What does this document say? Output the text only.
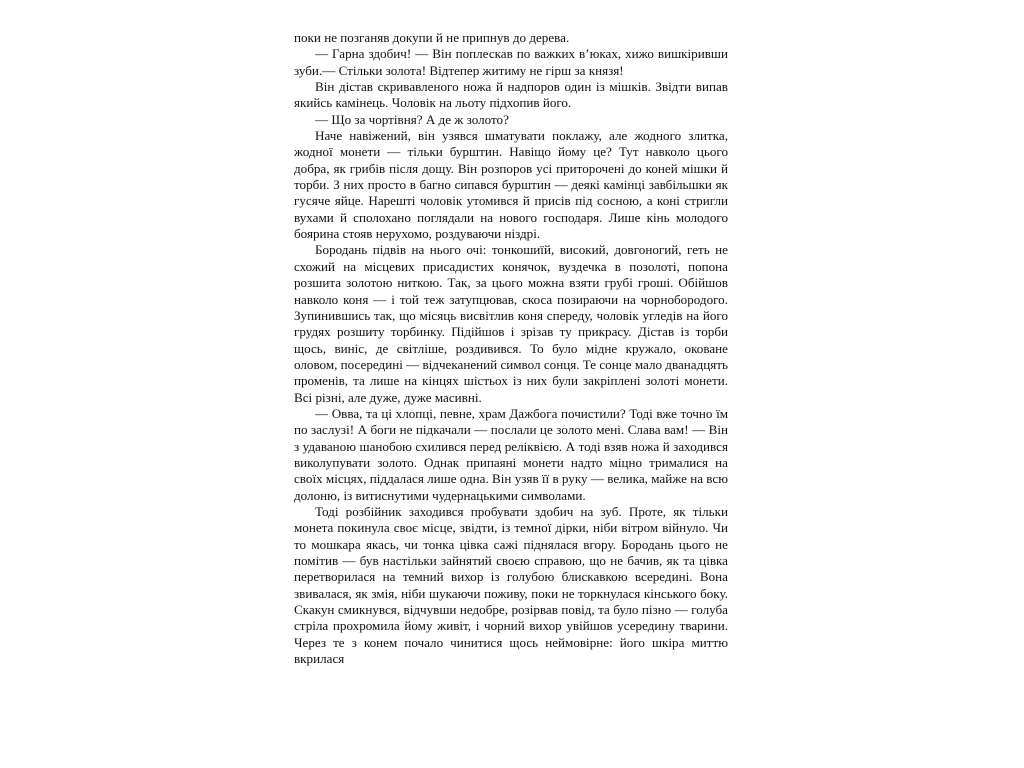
поки не позганяв докупи й не припнув до дерева.

— Гарна здобич! — Він поплескав по важких в’юках, хижо вишкіривши зуби.— Стільки золота! Відтепер житиму не гірш за князя!

Він дістав скривавленого ножа й надпоров один із мішків. Звідти випав якийсь камінець. Чоловік на льоту підхопив його.

— Що за чортівня? А де ж золото?

Наче навіжений, він узявся шматувати поклажу, але жодного злитка, жодної монети — тільки бурштин. Навіщо йому це? Тут навколо цього добра, як грибів після дощу. Він розпоров усі приторочені до коней мішки й торби. З них просто в багно сипався бурштин — деякі камінці завбільшки як гусяче яйце. Нарешті чоловік утомився й присів під сосною, а коні стригли вухами й сполохано поглядали на нового господаря. Лише кінь молодого боярина стояв нерухомо, роздуваючи ніздрі.

Бородань підвів на нього очі: тонкошиїй, високий, довгоногий, геть не схожий на місцевих присадистих конячок, вуздечка в позолоті, попона розшита золотою ниткою. Так, за цього можна взяти грубі гроші. Обійшов навколо коня — і той теж затупцював, скоса позираючи на чорнобородого. Зупинившись так, що місяць висвітлив коня спереду, чоловік угледів на його грудях розшиту торбинку. Підійшов і зрізав ту прикрасу. Дістав із торби щось, виніс, де світліше, роздивився. То було мідне кружало, оковане оловом, посередині — відчеканений символ сонця. Те сонце мало дванадцять променів, та лише на кінцях шістьох із них були закріплені золоті монети. Всі різні, але дуже, дуже масивні.

— Овва, та ці хлопці, певне, храм Дажбога почистили? Тоді вже точно їм по заслузі! А боги не підкачали — послали це золото мені. Слава вам! — Він з удаваною шанобою схилився перед реліквією. А тоді взяв ножа й заходився виколупувати золото. Однак припаяні монети надто міцно трималися на своїх місцях, піддалася лише одна. Він узяв її в руку — велика, майже на всю долоню, із витиснутими чудернацькими символами.

Тоді розбійник заходився пробувати здобич на зуб. Проте, як тільки монета покинула своє місце, звідти, із темної дірки, ніби вітром війнуло. Чи то мошкара якась, чи тонка цівка сажі піднялася вгору. Бородань цього не помітив — був настільки зайнятий своєю справою, що не бачив, як та цівка перетворилася на темний вихор із голубою блискавкою всередині. Вона звивалася, як змія, ніби шукаючи поживу, поки не торкнулася кінського боку. Скакун смикнувся, відчувши недобре, розірвав повід, та було пізно — голуба стріла прохромила йому живіт, і чорний вихор увійшов усередину тварини. Через те з конем почало чинитися щось неймовірне: його шкіра миттю вкрилася
